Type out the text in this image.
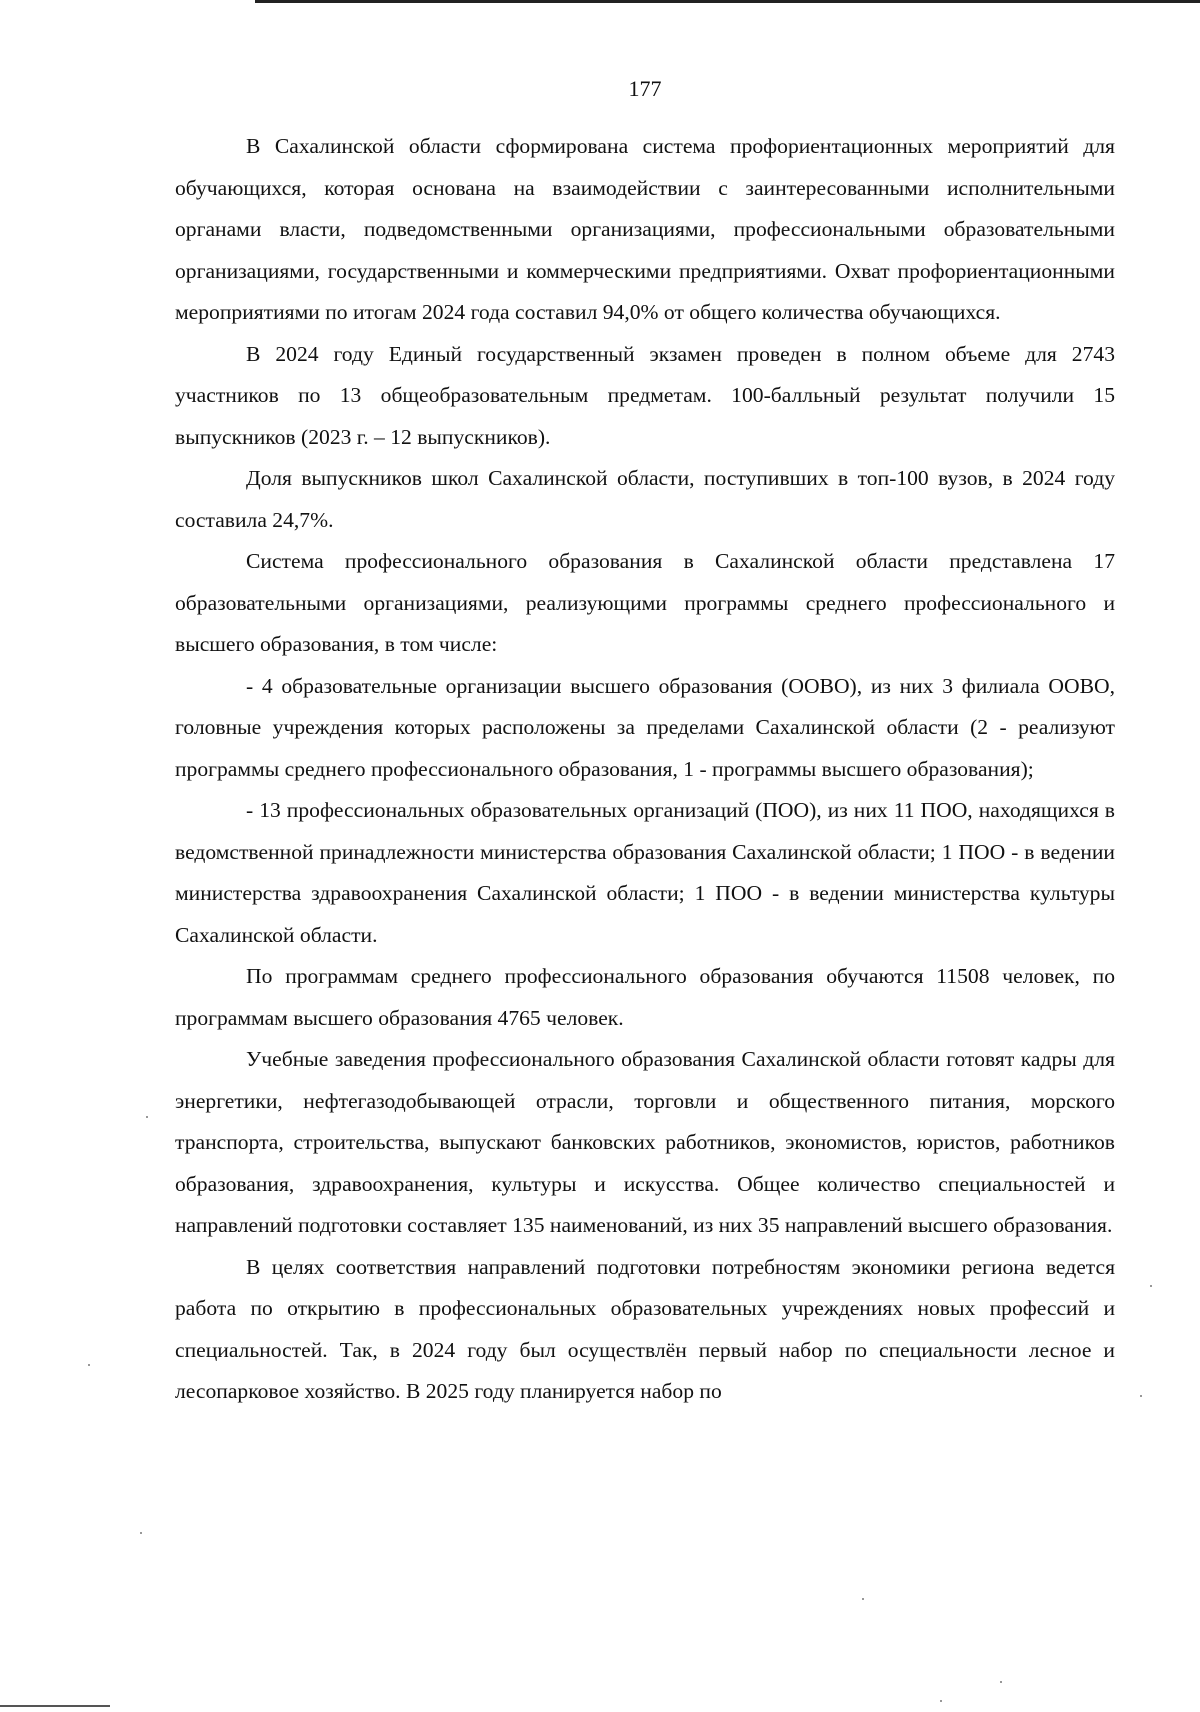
177

В Сахалинской области сформирована система профориентационных мероприятий для обучающихся, которая основана на взаимодействии с заинтересованными исполнительными органами власти, подведомственными организациями, профессиональными образовательными организациями, государственными и коммерческими предприятиями. Охват профориентационными мероприятиями по итогам 2024 года составил 94,0% от общего количества обучающихся.

В 2024 году Единый государственный экзамен проведен в полном объеме для 2743 участников по 13 общеобразовательным предметам. 100-балльный результат получили 15 выпускников (2023 г. – 12 выпускников).

Доля выпускников школ Сахалинской области, поступивших в топ-100 вузов, в 2024 году составила 24,7%.

Система профессионального образования в Сахалинской области представлена 17 образовательными организациями, реализующими программы среднего профессионального и высшего образования, в том числе:

- 4 образовательные организации высшего образования (ООВО), из них 3 филиала ООВО, головные учреждения которых расположены за пределами Сахалинской области (2 - реализуют программы среднего профессионального образования, 1 - программы высшего образования);

- 13 профессиональных образовательных организаций (ПОО), из них 11 ПОО, находящихся в ведомственной принадлежности министерства образования Сахалинской области; 1 ПОО - в ведении министерства здравоохранения Сахалинской области; 1 ПОО - в ведении министерства культуры Сахалинской области.

По программам среднего профессионального образования обучаются 11508 человек, по программам высшего образования 4765 человек.

Учебные заведения профессионального образования Сахалинской области готовят кадры для энергетики, нефтегазодобывающей отрасли, торговли и общественного питания, морского транспорта, строительства, выпускают банковских работников, экономистов, юристов, работников образования, здравоохранения, культуры и искусства. Общее количество специальностей и направлений подготовки составляет 135 наименований, из них 35 направлений высшего образования.

В целях соответствия направлений подготовки потребностям экономики региона ведется работа по открытию в профессиональных образовательных учреждениях новых профессий и специальностей. Так, в 2024 году был осуществлён первый набор по специальности лесное и лесопарковое хозяйство. В 2025 году планируется набор по
